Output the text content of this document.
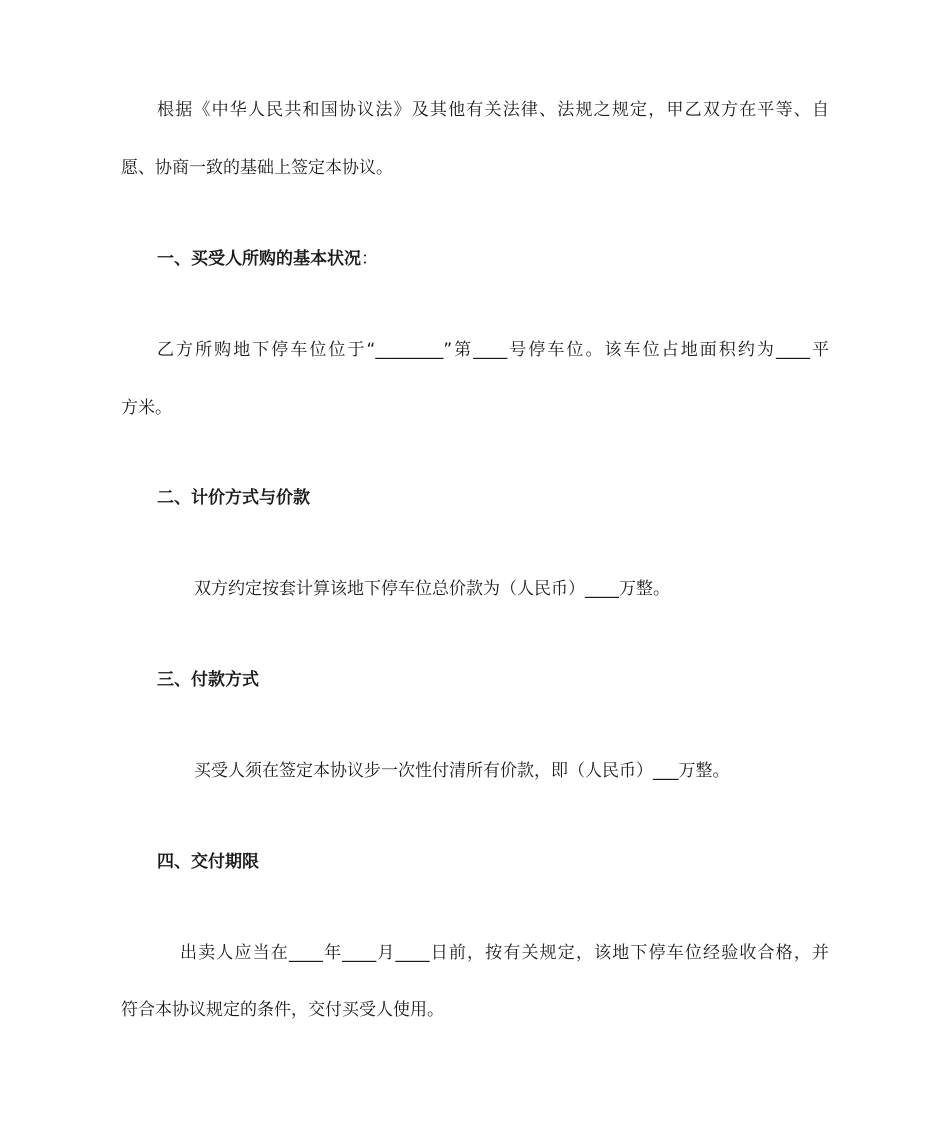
根据《中华人民共和国协议法》及其他有关法律、法规之规定，甲乙双方在平等、自
愿、协商一致的基础上签定本协议。
一、买受人所购的基本状况：
乙方所购地下停车位位于“________”第____号停车位。该车位占地面积约为____平
方米。
二、计价方式与价款
双方约定按套计算该地下停车位总价款为（人民币）____万整。
三、付款方式
买受人须在签定本协议步一次性付清所有价款，即（人民币）___万整。
四、交付期限
出卖人应当在____年____月____日前，按有关规定，该地下停车位经验收合格，并
符合本协议规定的条件，交付买受人使用。
